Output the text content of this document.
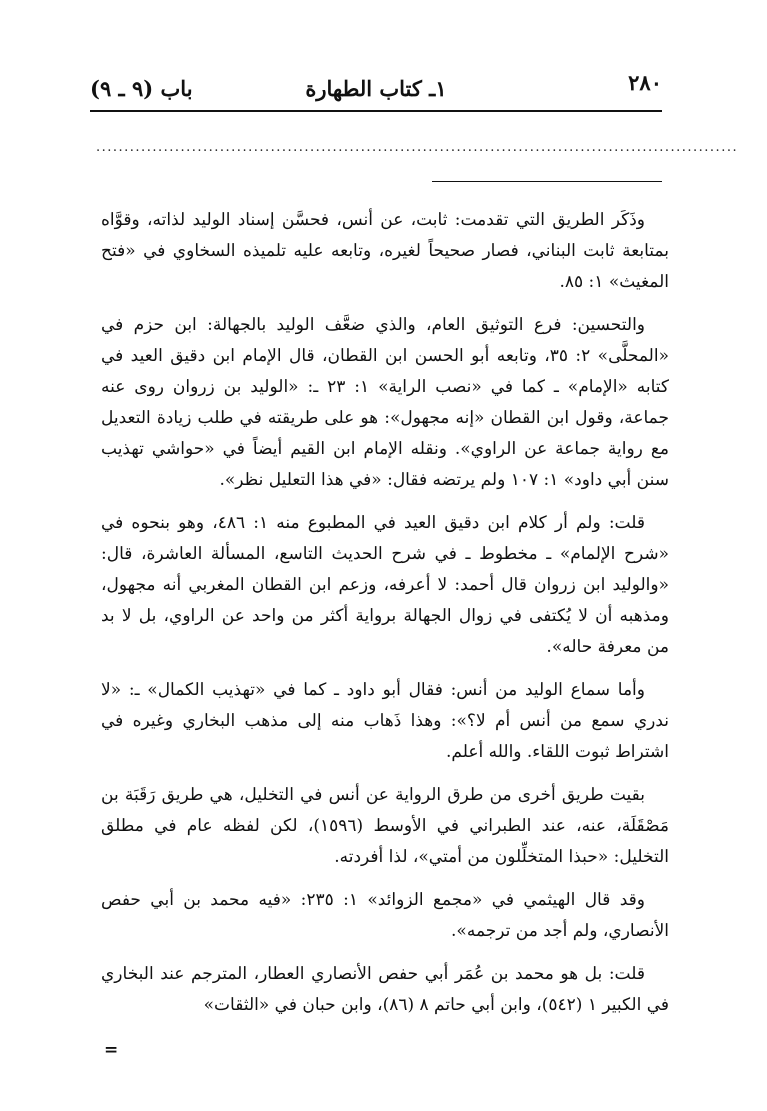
٢٨٠
١ـ كتاب الطهارة
باب (٩ ـ ٩)
..................................................................................................................

وذَكَر الطريق التي تقدمت: ثابت، عن أنس، فحسَّن إسناد الوليد لذاته، وقوَّاه بمتابعة ثابت البناني، فصار صحيحاً لغيره، وتابعه عليه تلميذه السخاوي في «فتح المغيث» ١: ٨٥.

والتحسين: فرع التوثيق العام، والذي ضعَّف الوليد بالجهالة: ابن حزم في «المحلَّى» ٢: ٣٥، وتابعه أبو الحسن ابن القطان، قال الإمام ابن دقيق العيد في كتابه «الإمام» ـ كما في «نصب الراية» ١: ٢٣ ـ: «الوليد بن زروان روى عنه جماعة، وقول ابن القطان «إنه مجهول»: هو على طريقته في طلب زيادة التعديل مع رواية جماعة عن الراوي». ونقله الإمام ابن القيم أيضاً في «حواشي تهذيب سنن أبي داود» ١: ١٠٧ ولم يرتضه فقال: «في هذا التعليل نظر».

قلت: ولم أر كلام ابن دقيق العيد في المطبوع منه ١: ٤٨٦، وهو بنحوه في «شرح الإلمام» ـ مخطوط ـ في شرح الحديث التاسع، المسألة العاشرة، قال: «والوليد ابن زروان قال أحمد: لا أعرفه، وزعم ابن القطان المغربي أنه مجهول، ومذهبه أن لا يُكتفى في زوال الجهالة برواية أكثر من واحد عن الراوي، بل لا بد من معرفة حاله».

وأما سماع الوليد من أنس: فقال أبو داود ـ كما في «تهذيب الكمال» ـ: «لا ندري سمع من أنس أم لا؟»: وهذا ذَهاب منه إلى مذهب البخاري وغيره في اشتراط ثبوت اللقاء. والله أعلم.

بقيت طريق أخرى من طرق الرواية عن أنس في التخليل، هي طريق رَقَبَة بن مَصْقَلَة، عنه، عند الطبراني في الأوسط (١٥٩٦)، لكن لفظه عام في مطلق التخليل: «حبذا المتخلِّلون من أمتي»، لذا أفردته.

وقد قال الهيثمي في «مجمع الزوائد» ١: ٢٣٥: «فيه محمد بن أبي حفص الأنصاري، ولم أجد من ترجمه».

قلت: بل هو محمد بن عُمَر أبي حفص الأنصاري العطار، المترجم عند البخاري في الكبير ١ (٥٤٢)، وابن أبي حاتم ٨ (٨٦)، وابن حبان في «الثقات»

=
